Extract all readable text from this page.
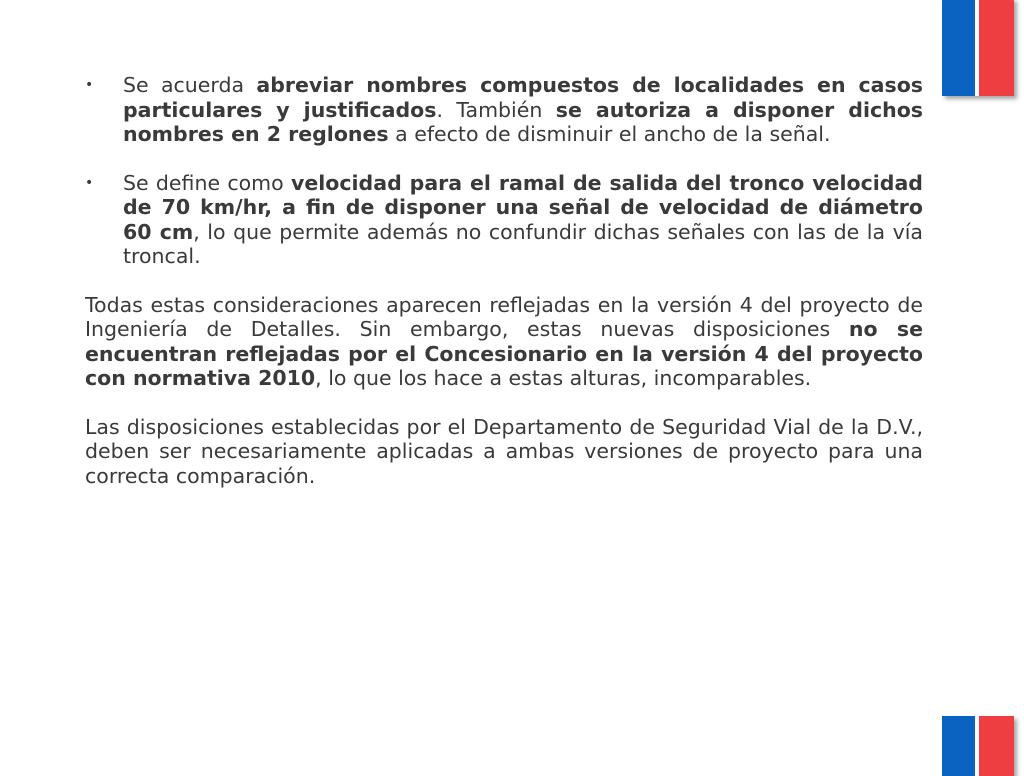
• Se acuerda abreviar nombres compuestos de localidades en casos particulares y justificados. También se autoriza a disponer dichos nombres en 2 reglones a efecto de disminuir el ancho de la señal.
• Se define como velocidad para el ramal de salida del tronco velocidad de 70 km/hr, a fin de disponer una señal de velocidad de diámetro 60 cm, lo que permite además no confundir dichas señales con las de la vía troncal.

Todas estas consideraciones aparecen reflejadas en la versión 4 del proyecto de Ingeniería de Detalles. Sin embargo, estas nuevas disposiciones no se encuentran reflejadas por el Concesionario en la versión 4 del proyecto con normativa 2010, lo que los hace a estas alturas, incomparables.

Las disposiciones establecidas por el Departamento de Seguridad Vial de la D.V., deben ser necesariamente aplicadas a ambas versiones de proyecto para una correcta comparación.
